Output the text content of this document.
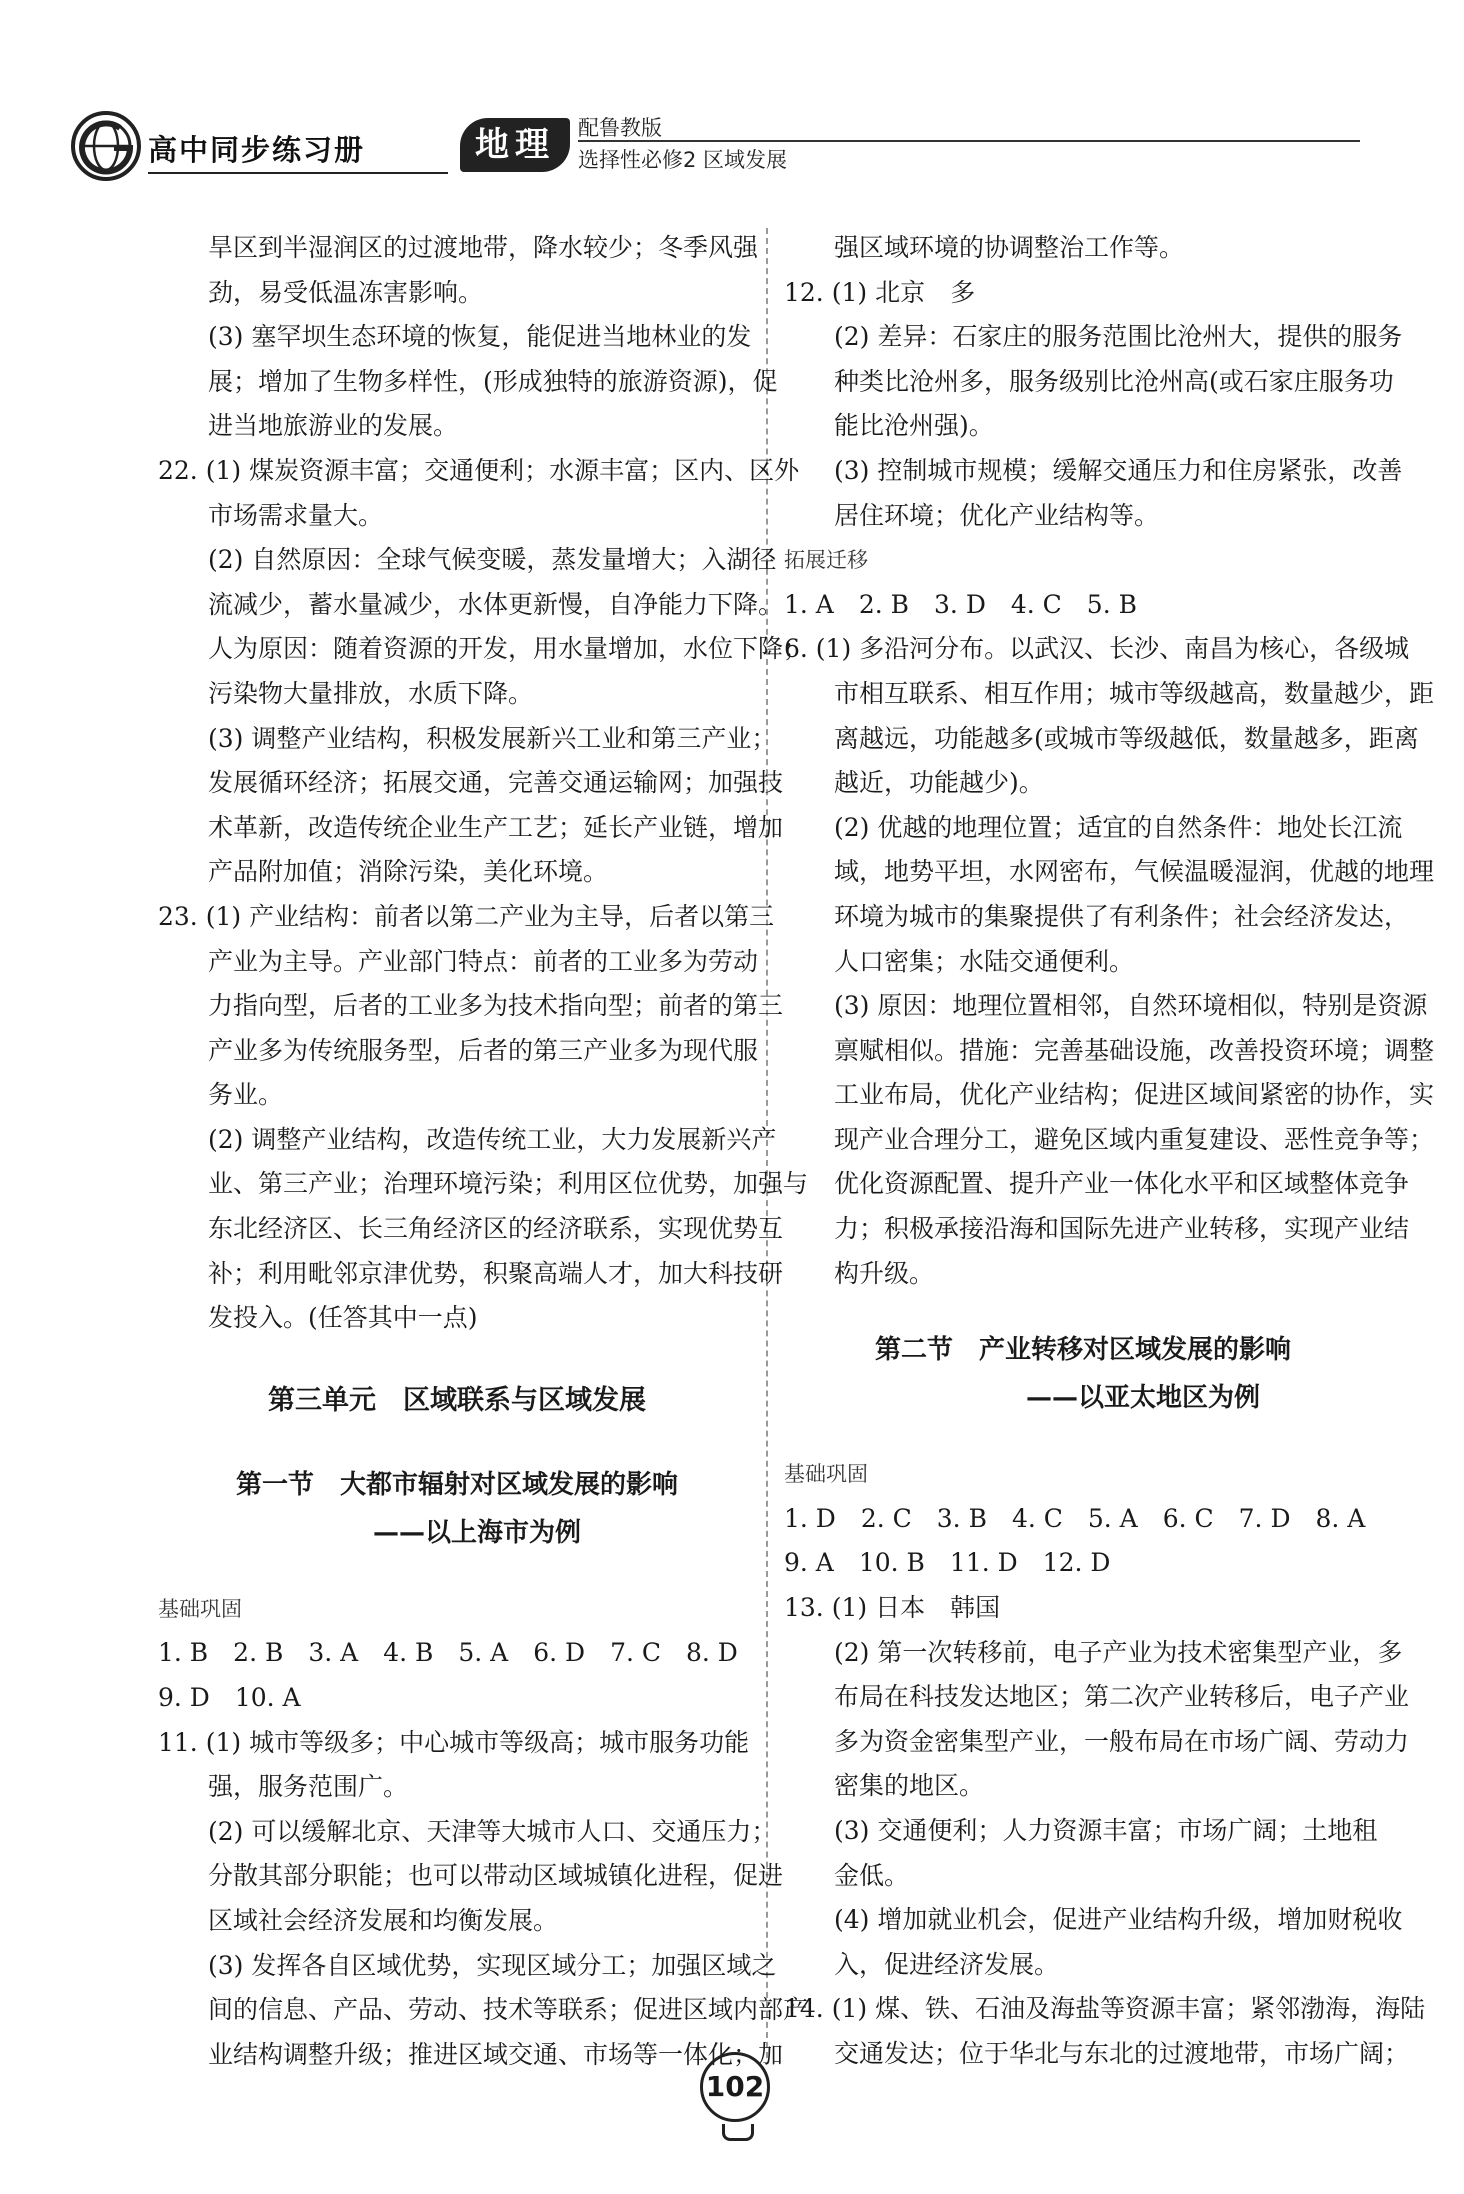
高中同步练习册	地理	配鲁教版
选择性必修2 区域发展
旱区到半湿润区的过渡地带，降水较少；冬季风强
劲，易受低温冻害影响。
(3) 塞罕坝生态环境的恢复，能促进当地林业的发
展；增加了生物多样性，(形成独特的旅游资源)，促
进当地旅游业的发展。
22. (1) 煤炭资源丰富；交通便利；水源丰富；区内、区外
市场需求量大。
(2) 自然原因：全球气候变暖，蒸发量增大；入湖径
流减少，蓄水量减少，水体更新慢，自净能力下降。
人为原因：随着资源的开发，用水量增加，水位下降；
污染物大量排放，水质下降。
(3) 调整产业结构，积极发展新兴工业和第三产业；
发展循环经济；拓展交通，完善交通运输网；加强技
术革新，改造传统企业生产工艺；延长产业链，增加
产品附加值；消除污染，美化环境。
23. (1) 产业结构：前者以第二产业为主导，后者以第三
产业为主导。产业部门特点：前者的工业多为劳动
力指向型，后者的工业多为技术指向型；前者的第三
产业多为传统服务型，后者的第三产业多为现代服
务业。
(2) 调整产业结构，改造传统工业，大力发展新兴产
业、第三产业；治理环境污染；利用区位优势，加强与
东北经济区、长三角经济区的经济联系，实现优势互
补；利用毗邻京津优势，积聚高端人才，加大科技研
发投入。(任答其中一点)
第三单元　区域联系与区域发展
第一节　大都市辐射对区域发展的影响
——以上海市为例
基础巩固
1. B　2. B　3. A　4. B　5. A　6. D　7. C　8. D
9. D　10. A
11. (1) 城市等级多；中心城市等级高；城市服务功能
强，服务范围广。
(2) 可以缓解北京、天津等大城市人口、交通压力；
分散其部分职能；也可以带动区域城镇化进程，促进
区域社会经济发展和均衡发展。
(3) 发挥各自区域优势，实现区域分工；加强区域之
间的信息、产品、劳动、技术等联系；促进区域内部产
业结构调整升级；推进区域交通、市场等一体化；加
强区域环境的协调整治工作等。
12. (1) 北京　多
(2) 差异：石家庄的服务范围比沧州大，提供的服务
种类比沧州多，服务级别比沧州高(或石家庄服务功
能比沧州强)。
(3) 控制城市规模；缓解交通压力和住房紧张，改善
居住环境；优化产业结构等。
拓展迁移
1. A　2. B　3. D　4. C　5. B
6. (1) 多沿河分布。以武汉、长沙、南昌为核心，各级城
市相互联系、相互作用；城市等级越高，数量越少，距
离越远，功能越多(或城市等级越低，数量越多，距离
越近，功能越少)。
(2) 优越的地理位置；适宜的自然条件：地处长江流
域，地势平坦，水网密布，气候温暖湿润，优越的地理
环境为城市的集聚提供了有利条件；社会经济发达，
人口密集；水陆交通便利。
(3) 原因：地理位置相邻，自然环境相似，特别是资源
禀赋相似。措施：完善基础设施，改善投资环境；调整
工业布局，优化产业结构；促进区域间紧密的协作，实
现产业合理分工，避免区域内重复建设、恶性竞争等；
优化资源配置、提升产业一体化水平和区域整体竞争
力；积极承接沿海和国际先进产业转移，实现产业结
构升级。
第二节　产业转移对区域发展的影响
——以亚太地区为例
基础巩固
1. D　2. C　3. B　4. C　5. A　6. C　7. D　8. A
9. A　10. B　11. D　12. D
13. (1) 日本　韩国
(2) 第一次转移前，电子产业为技术密集型产业，多
布局在科技发达地区；第二次产业转移后，电子产业
多为资金密集型产业，一般布局在市场广阔、劳动力
密集的地区。
(3) 交通便利；人力资源丰富；市场广阔；土地租
金低。
(4) 增加就业机会，促进产业结构升级，增加财税收
入，促进经济发展。
14. (1) 煤、铁、石油及海盐等资源丰富；紧邻渤海，海陆
交通发达；位于华北与东北的过渡地带，市场广阔；
102
